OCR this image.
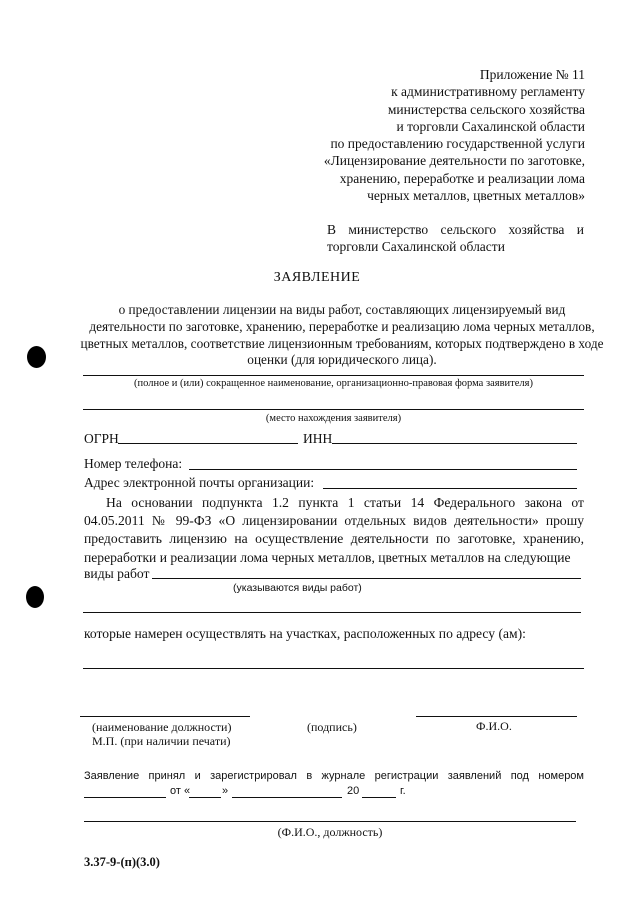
Приложение № 11
к административному регламенту
министерства сельского хозяйства
и торговли Сахалинской области
по предоставлению государственной услуги
«Лицензирование деятельности по заготовке,
хранению, переработке и реализации лома
черных металлов, цветных металлов»
В министерство сельского хозяйства и
торговли Сахалинской области
ЗАЯВЛЕНИЕ
о предоставлении лицензии на виды работ, составляющих лицензируемый вид деятельности по заготовке, хранению, переработке и реализацию лома черных металлов, цветных металлов, соответствие лицензионным требованиям, которых подтверждено в ходе оценки (для юридического лица).
(полное и (или) сокращенное наименование, организационно-правовая форма заявителя)
(место нахождения заявителя)
ОГРН	ИНН
Номер телефона:
Адрес электронной почты организации:
На основании подпункта 1.2 пункта 1 статьи 14 Федерального закона от 04.05.2011 № 99-ФЗ «О лицензировании отдельных видов деятельности» прошу предоставить лицензию на осуществление деятельности по заготовке, хранению, переработки и реализации лома черных металлов, цветных металлов на следующие
виды работ
(указываются виды работ)
которые намерен осуществлять на участках, расположенных по адресу (ам):
(наименование должности)	(подпись)	Ф.И.О.
М.П. (при наличии печати)
Заявление принял и зарегистрировал в журнале регистрации заявлений под номером
от «	»	20	г.
(Ф.И.О., должность)
3.37-9-(п)(3.0)
